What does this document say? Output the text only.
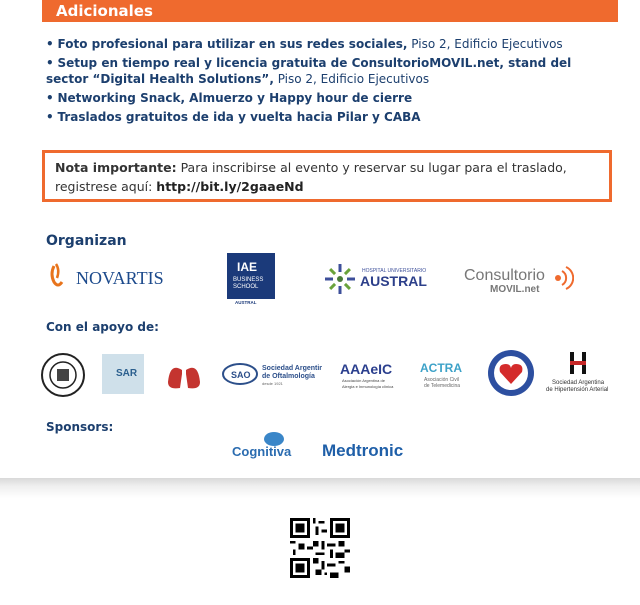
Adicionales
• Foto profesional para utilizar en sus redes sociales, Piso 2, Edificio Ejecutivos
• Setup en tiempo real y licencia gratuita de ConsultorioMOVIL.net, stand del sector “Digital Health Solutions”, Piso 2, Edificio Ejecutivos
• Networking Snack, Almuerzo y Happy hour de cierre
• Traslados gratuitos de ida y vuelta hacia Pilar y CABA
Nota importante: Para inscribirse al evento y reservar su lugar para el traslado, registrese aquí: http://bit.ly/2gaaeNd
Organizan
NOVARTIS
IAE
BUSINESS
SCHOOL
AUSTRAL
HOSPITAL UNIVERSITARIO
AUSTRAL Consultorio
MOVIL.net
Con el apoyo de:
SAR	SAO
Sociedad Argentina
de Oftalmología
desde 1921
AAAeIC
Asociación Argentina de
Alergia e Inmunología clínica
ACTRA
Asociación Civil
de Telemedicina	Sociedad Argentina
de Hipertensión Arterial
Sponsors:
Cognitiva Medtronic
